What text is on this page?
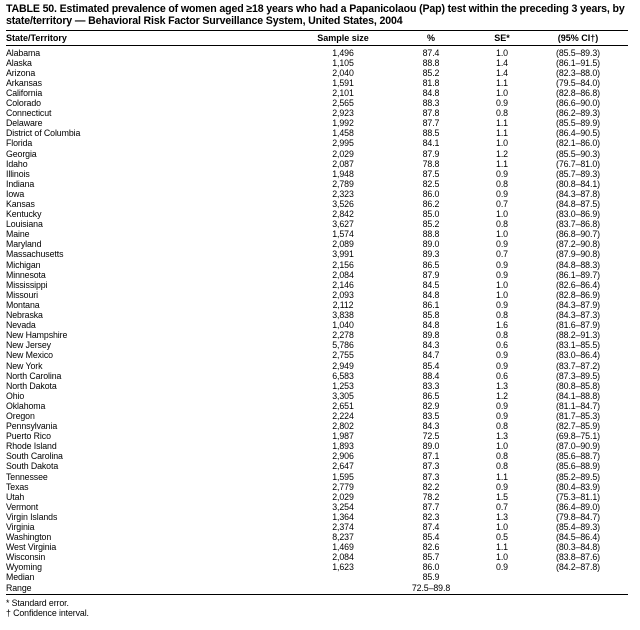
TABLE 50. Estimated prevalence of women aged ≥18 years who had a Papanicolaou (Pap) test within the preceding 3 years, by state/territory — Behavioral Risk Factor Surveillance System, United States, 2004
State/Territory	Sample size	%	SE*	(95% CI†)
Alabama	1,496	87.4	1.0	(85.5–89.3)
Alaska	1,105	88.8	1.4	(86.1–91.5)
Arizona	2,040	85.2	1.4	(82.3–88.0)
Arkansas	1,591	81.8	1.1	(79.5–84.0)
California	2,101	84.8	1.0	(82.8–86.8)
Colorado	2,565	88.3	0.9	(86.6–90.0)
Connecticut	2,923	87.8	0.8	(86.2–89.3)
Delaware	1,992	87.7	1.1	(85.5–89.9)
District of Columbia	1,458	88.5	1.1	(86.4–90.5)
Florida	2,995	84.1	1.0	(82.1–86.0)
Georgia	2,029	87.9	1.2	(85.5–90.3)
Idaho	2,087	78.8	1.1	(76.7–81.0)
Illinois	1,948	87.5	0.9	(85.7–89.3)
Indiana	2,789	82.5	0.8	(80.8–84.1)
Iowa	2,323	86.0	0.9	(84.3–87.8)
Kansas	3,526	86.2	0.7	(84.8–87.5)
Kentucky	2,842	85.0	1.0	(83.0–86.9)
Louisiana	3,627	85.2	0.8	(83.7–86.8)
Maine	1,574	88.8	1.0	(86.8–90.7)
Maryland	2,089	89.0	0.9	(87.2–90.8)
Massachusetts	3,991	89.3	0.7	(87.9–90.8)
Michigan	2,156	86.5	0.9	(84.8–88.3)
Minnesota	2,084	87.9	0.9	(86.1–89.7)
Mississippi	2,146	84.5	1.0	(82.6–86.4)
Missouri	2,093	84.8	1.0	(82.8–86.9)
Montana	2,112	86.1	0.9	(84.3–87.9)
Nebraska	3,838	85.8	0.8	(84.3–87.3)
Nevada	1,040	84.8	1.6	(81.6–87.9)
New Hampshire	2,278	89.8	0.8	(88.2–91.3)
New Jersey	5,786	84.3	0.6	(83.1–85.5)
New Mexico	2,755	84.7	0.9	(83.0–86.4)
New York	2,949	85.4	0.9	(83.7–87.2)
North Carolina	6,583	88.4	0.6	(87.3–89.5)
North Dakota	1,253	83.3	1.3	(80.8–85.8)
Ohio	3,305	86.5	1.2	(84.1–88.8)
Oklahoma	2,651	82.9	0.9	(81.1–84.7)
Oregon	2,224	83.5	0.9	(81.7–85.3)
Pennsylvania	2,802	84.3	0.8	(82.7–85.9)
Puerto Rico	1,987	72.5	1.3	(69.8–75.1)
Rhode Island	1,893	89.0	1.0	(87.0–90.9)
South Carolina	2,906	87.1	0.8	(85.6–88.7)
South Dakota	2,647	87.3	0.8	(85.6–88.9)
Tennessee	1,595	87.3	1.1	(85.2–89.5)
Texas	2,779	82.2	0.9	(80.4–83.9)
Utah	2,029	78.2	1.5	(75.3–81.1)
Vermont	3,254	87.7	0.7	(86.4–89.0)
Virgin Islands	1,364	82.3	1.3	(79.8–84.7)
Virginia	2,374	87.4	1.0	(85.4–89.3)
Washington	8,237	85.4	0.5	(84.5–86.4)
West Virginia	1,469	82.6	1.1	(80.3–84.8)
Wisconsin	2,084	85.7	1.0	(83.8–87.6)
Wyoming	1,623	86.0	0.9	(84.2–87.8)
Median		85.9		
Range		72.5–89.8		
* Standard error.
† Confidence interval.
